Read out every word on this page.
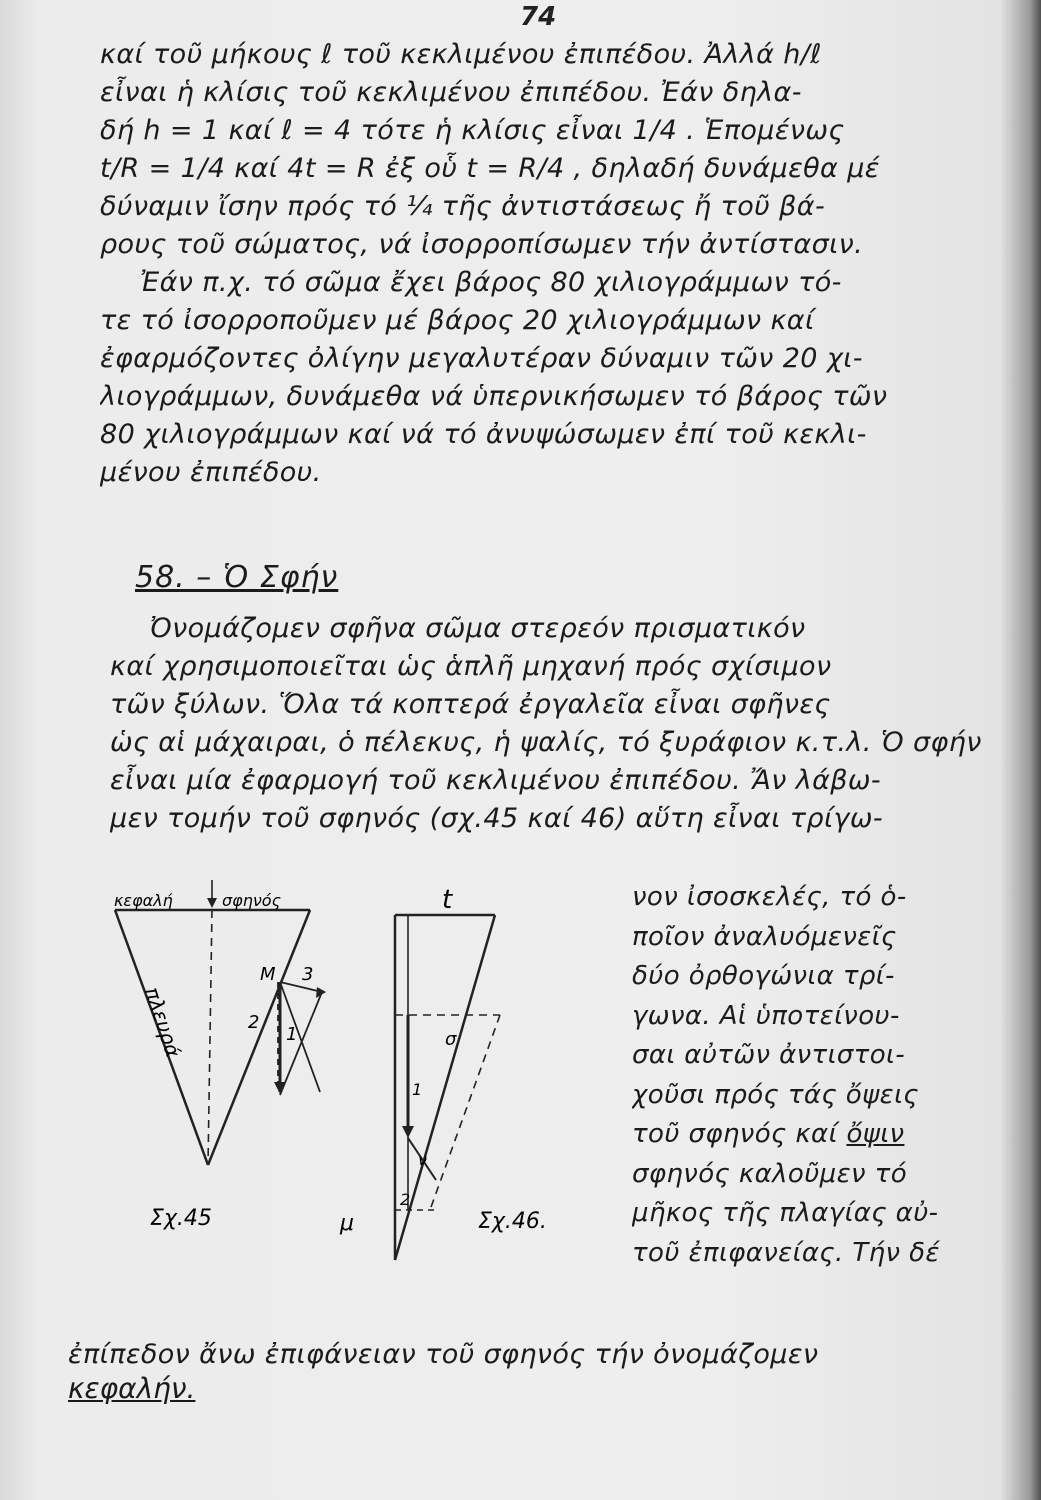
74
καί τοῦ μήκους ℓ τοῦ κεκλιμένου ἐπιπέδου. Ἀλλά h/ℓ
εἶναι ἡ κλίσις τοῦ κεκλιμένου ἐπιπέδου. Ἐάν δηλα-
δή h = 1 καί ℓ = 4 τότε ἡ κλίσις εἶναι 1/4 . Ἑπομένως
t/R = 1/4 καί 4t = R ἐξ οὗ t = R/4 , δηλαδή δυνάμεθα μέ
δύναμιν ἴσην πρός τό ¼ τῆς ἀντιστάσεως ἤ τοῦ βά-
ρους τοῦ σώματος, νά ἰσορροπίσωμεν τήν ἀντίστασιν.
Ἐάν π.χ. τό σῶμα ἔχει βάρος 80 χιλιογράμμων τό-
τε τό ἰσορροποῦμεν μέ βάρος 20 χιλιογράμμων καί
ἐφαρμόζοντες ὀλίγην μεγαλυτέραν δύναμιν τῶν 20 χι-
λιογράμμων, δυνάμεθα νά ὑπερνικήσωμεν τό βάρος τῶν
80 χιλιογράμμων καί νά τό ἀνυψώσωμεν ἐπί τοῦ κεκλι-
μένου ἐπιπέδου.
58. – Ὁ Σφήν
Ὀνομάζομεν σφῆνα σῶμα στερεόν πρισματικόν
καί χρησιμοποιεῖται ὡς ἁπλῆ μηχανή πρός σχίσιμον
τῶν ξύλων. Ὅλα τά κοπτερά ἐργαλεῖα εἶναι σφῆνες
ὡς αἱ μάχαιραι, ὁ πέλεκυς, ἡ ψαλίς, τό ξυράφιον κ.τ.λ. Ὁ σφήν
εἶναι μία ἐφαρμογή τοῦ κεκλιμένου ἐπιπέδου. Ἄν λάβω-
μεν τομήν τοῦ σφηνός (σχ.45 καί 46) αὕτη εἶναι τρίγω-
κεφαλή	σφηνός
πλευρά
Μ
1
2
3
Σχ.45
t
σ
1
ν
2
μ	Σχ.46.
νον ἰσοσκελές, τό ὁ-
ποῖον ἀναλυόμενεῖς
δύο ὀρθογώνια τρί-
γωνα. Αἱ ὑποτείνου-
σαι αὐτῶν ἀντιστοι-
χοῦσι πρός τάς ὄψεις
τοῦ σφηνός καί ὄψιν
σφηνός καλοῦμεν τό
μῆκος τῆς πλαγίας αὐ-
τοῦ ἐπιφανείας. Τήν δέ
ἐπίπεδον ἄνω ἐπιφάνειαν τοῦ σφηνός τήν ὀνομάζομεν
κεφαλήν.
